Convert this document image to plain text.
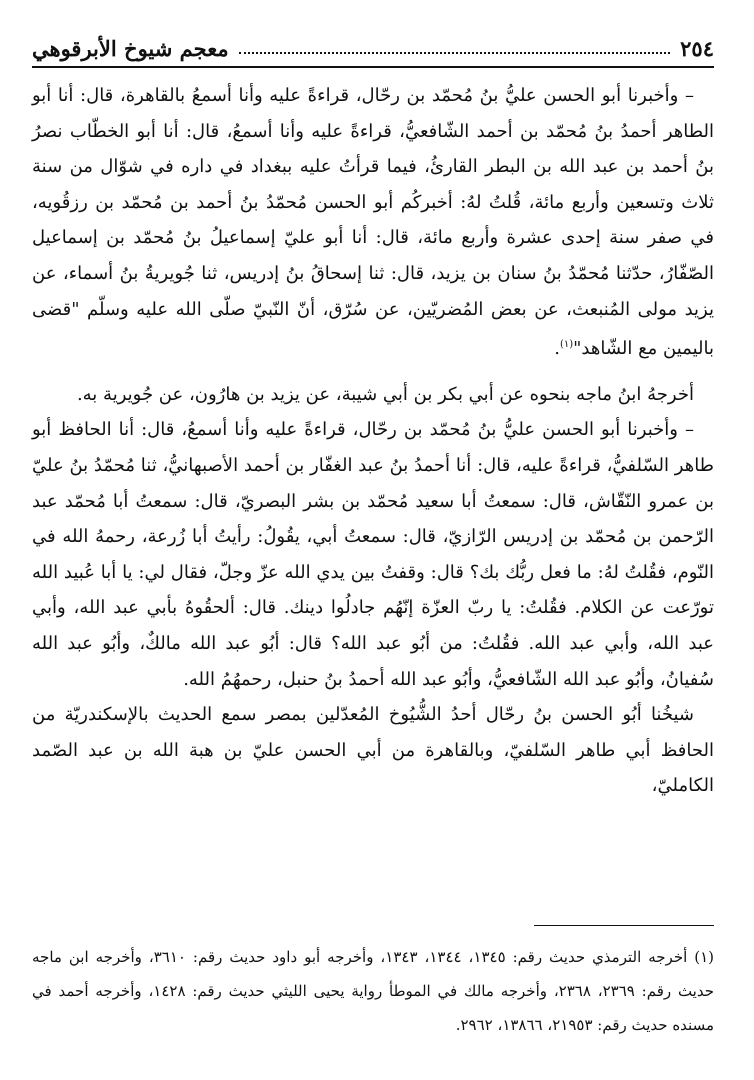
٢٥٤
معجم شيوخ الأبرقوهي

– وأخبرنا أبو الحسن عليُّ بنُ مُحمّد بن رحّال، قراءةً عليه وأنا أسمعُ بالقاهرة، قال: أنا أبو الطاهر أحمدُ بنُ مُحمّد بن أحمد الشّافعيُّ، قراءةً عليه وأنا أسمعُ، قال: أنا أبو الخطّاب نصرُ بنُ أحمد بن عبد الله بن البطر القارئُ، فيما قرأتُ عليه ببغداد في داره في شوّال من سنة ثلاث وتسعين وأربع مائة، قُلتُ لهُ: أخبركُم أبو الحسن مُحمّدُ بنُ أحمد بن مُحمّد بن رزقُويه، في صفر سنة إحدى عشرة وأربع مائة، قال: أنا أبو عليّ إسماعيلُ بنُ مُحمّد بن إسماعيل الصّفّارُ، حدّثنا مُحمّدُ بنُ سنان بن يزيد، قال: ثنا إسحاقُ بنُ إدريس، ثنا جُويريةُ بنُ أسماء، عن يزيد مولى المُنبعث، عن بعض المُضريّين، عن سُرّق، أنّ النّبيّ صلّى الله عليه وسلّم "قضى باليمين مع الشّاهد"$^{(١)}$.

أخرجهُ ابنُ ماجه بنحوه عن أبي بكر بن أبي شيبة، عن يزيد بن هارُون، عن جُويرية به.

– وأخبرنا أبو الحسن عليُّ بنُ مُحمّد بن رحّال، قراءةً عليه وأنا أسمعُ، قال: أنا الحافظ أبو طاهر السّلفيُّ، قراءةً عليه، قال: أنا أحمدُ بنُ عبد الغفّار بن أحمد الأصبهانيُّ، ثنا مُحمّدُ بنُ عليّ بن عمرو النّقّاش، قال: سمعتُ أبا سعيد مُحمّد بن بشر البصريّ، قال: سمعتُ أبا مُحمّد عبد الرّحمن بن مُحمّد بن إدريس الرّازيّ، قال: سمعتُ أبي، يقُولُ: رأيتُ أبا زُرعة، رحمهُ الله في النّوم، فقُلتُ لهُ: ما فعل ربُّك بك؟ قال: وقفتُ بين يدي الله عزّ وجلّ، فقال لي: يا أبا عُبيد الله تورّعت عن الكلام. فقُلتُ: يا ربّ العزّة إنّهُم جادلُوا دينك. قال: ألحقُوهُ بأبي عبد الله، وأبي عبد الله، وأبي عبد الله. فقُلتُ: من أبُو عبد الله؟ قال: أبُو عبد الله مالكٌ، وأبُو عبد الله سُفيانُ، وأبُو عبد الله الشّافعيُّ، وأبُو عبد الله أحمدُ بنُ حنبل، رحمهُمُ الله.

شيخُنا أبُو الحسن بنُ رحّال أحدُ الشُّيُوخ المُعدّلين بمصر سمع الحديث بالإسكندريّة من الحافظ أبي طاهر السّلفيّ، وبالقاهرة من أبي الحسن عليّ بن هبة الله بن عبد الصّمد الكامليّ،

(١) أخرجه الترمذي حديث رقم: ١٣٤٥، ١٣٤٤، ١٣٤٣، وأخرجه أبو داود حديث رقم: ٣٦١٠، وأخرجه ابن ماجه حديث رقم: ٢٣٦٩، ٢٣٦٨، وأخرجه مالك في الموطأ رواية يحيى الليثي حديث رقم: ١٤٢٨، وأخرجه أحمد في مسنده حديث رقم: ٢١٩٥٣، ١٣٨٦٦، ٢٩٦٢.
